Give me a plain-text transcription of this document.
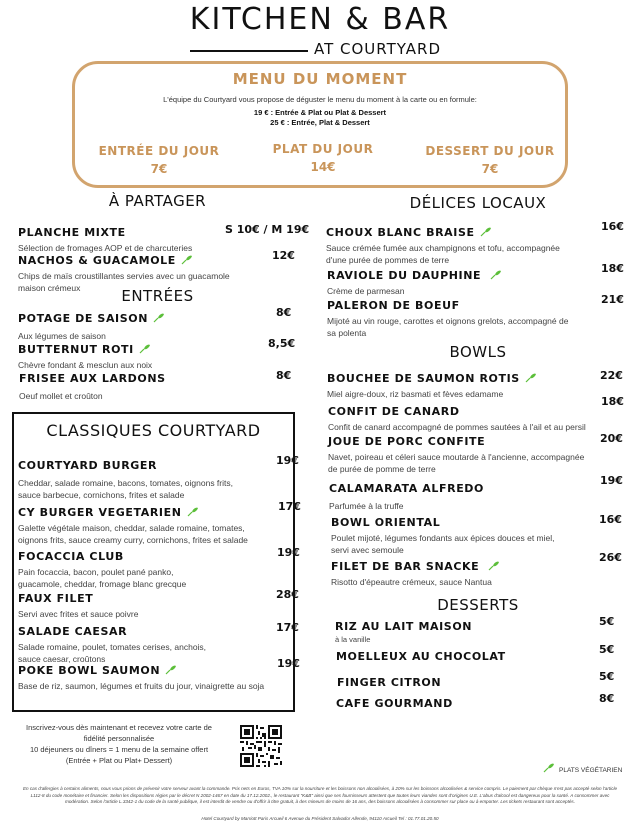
KITCHEN & BAR
AT COURTYARD
MENU DU MOMENT
L'équipe du Courtyard vous propose de déguster le menu du moment à la carte ou en formule:
19 € : Entrée & Plat ou Plat & Dessert
25 € : Entrée, Plat & Dessert
ENTRÉE DU JOUR
7€
PLAT DU JOUR
14€
DESSERT DU JOUR
7€
À PARTAGER
PLANCHE MIXTE
Sélection de fromages AOP et de charcuteries
S 10€ / M 19€
NACHOS & GUACAMOLE
Chips de maïs croustillantes servies avec un guacamole maison crémeux
12€
ENTRÉES
POTAGE DE SAISON
Aux légumes de saison
8€
BUTTERNUT ROTI
Chèvre fondant & mesclun aux noix
8,5€
FRISEE AUX LARDONS
Oeuf mollet et croûton
8€
CLASSIQUES COURTYARD
COURTYARD BURGER
Cheddar, salade romaine, bacons, tomates, oignons frits, sauce barbecue, cornichons, frites et salade
19€
CY BURGER VEGETARIEN
Galette végétale maison, cheddar, salade romaine, tomates, oignons frits, sauce creamy curry, cornichons, frites et salade
17€
FOCACCIA CLUB
Pain focaccia, bacon, poulet pané panko, guacamole, cheddar, fromage blanc grecque
19€
FAUX FILET
Servi avec frites et sauce poivre
28€
SALADE CAESAR
Salade romaine, poulet, tomates cerises, anchois, sauce caesar, croûtons
17€
POKE BOWL SAUMON
Base de riz, saumon, légumes et fruits du jour, vinaigrette au soja
19€
DÉLICES LOCAUX
CHOUX BLANC BRAISE
Sauce crémée fumée aux champignons et tofu, accompagnée d'une purée de pommes de terre
16€
RAVIOLE DU DAUPHINE
Crème de parmesan
18€
PALERON DE BOEUF
Mijoté au vin rouge, carottes et oignons grelots, accompagné de sa polenta
21€
BOWLS
BOUCHEE DE SAUMON ROTIS
Miel aigre-doux, riz basmati et fèves edamame
22€
CONFIT DE CANARD
Confit de canard accompagné de pommes sautées à l'ail et au persil
18€
JOUE DE PORC CONFITE
Navet, poireau et céleri sauce moutarde à l'ancienne, accompagnée de purée de pomme de terre
20€
CALAMARATA ALFREDO
Parfumée à la truffe
19€
BOWL ORIENTAL
Poulet mijoté, légumes fondants aux épices douces et miel, servi avec semoule
16€
FILET DE BAR SNACKE
Risotto d'épeautre crémeux, sauce Nantua
26€
DESSERTS
RIZ AU LAIT MAISON
à la vanille
5€
MOELLEUX AU CHOCOLAT
5€
FINGER CITRON	5€
CAFE GOURMAND	8€
Inscrivez-vous dès maintenant et recevez votre carte de
fidélité personnalisée
10 déjeuners ou dîners = 1 menu de la semaine offert
(Entrée + Plat ou Plat+ Dessert)
PLATS VÉGÉTARIEN
En cas d'allergies à certains aliments, nous vous prions de prévenir votre serveur avant la commande. Prix nets en Euros, TVA 10% sur la nourriture et les boissons non alcoolisées, à 20% sur les boissons alcoolisées & service compris. Le paiement par chèque n'est pas accepté selon l'article
L112-8 du code monétaire et financier. Selon les dispositions régies par le décret N 2002-1467 en date du 17.12.2002., le restaurant "K&B" ainsi que ses fournisseurs attestent que toutes leurs viandes sont d'origines U.E. L'abus d'alcool est dangereux pour la santé. A consommer avec
modération. Selon l'article L.3342-1 du code de la santé publique, il est interdit de vendre ou d'offrir à titre gratuit, à des mineurs de moins de 16 ans, des boissons alcoolisées à consommer sur place ou à emporter. Les tickets restaurant sont acceptés.
Hotel Courtyard by Marriott Paris Arcueil 6 Avenue du Président Salvador Allende, 94110 Arcueil Tel : 01.77.01.20.50
